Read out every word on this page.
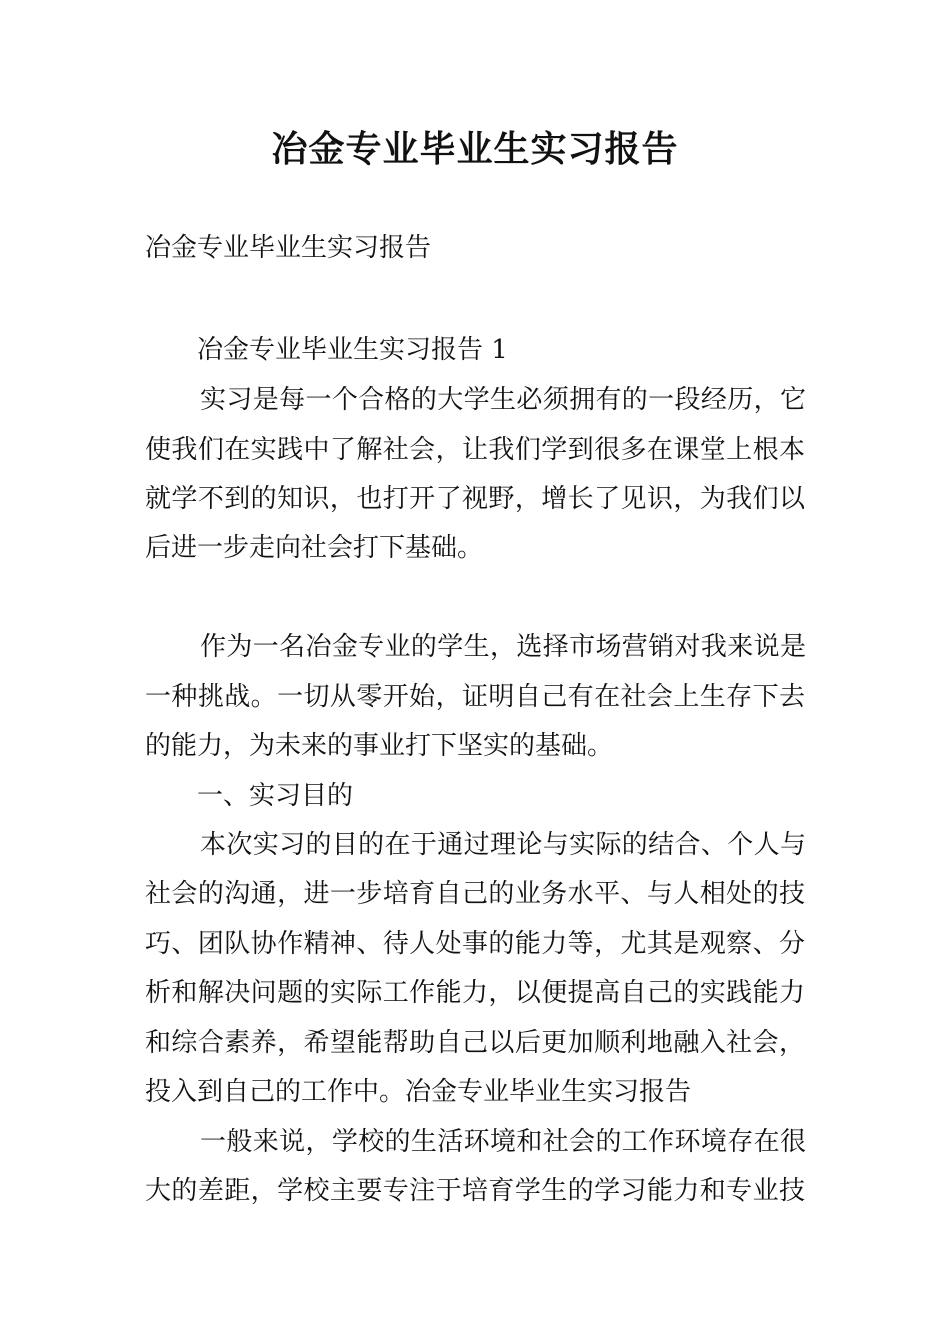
冶金专业毕业生实习报告
冶金专业毕业生实习报告
冶金专业毕业生实习报告 1
实习是每一个合格的大学生必须拥有的一段经历，它
使我们在实践中了解社会，让我们学到很多在课堂上根本
就学不到的知识，也打开了视野，增长了见识，为我们以
后进一步走向社会打下基础。
作为一名冶金专业的学生，选择市场营销对我来说是
一种挑战。一切从零开始，证明自己有在社会上生存下去
的能力，为未来的事业打下坚实的基础。
一、实习目的
本次实习的目的在于通过理论与实际的结合、个人与
社会的沟通，进一步培育自己的业务水平、与人相处的技
巧、团队协作精神、待人处事的能力等，尤其是观察、分
析和解决问题的实际工作能力，以便提高自己的实践能力
和综合素养，希望能帮助自己以后更加顺利地融入社会，
投入到自己的工作中。冶金专业毕业生实习报告
一般来说，学校的生活环境和社会的工作环境存在很
大的差距，学校主要专注于培育学生的学习能力和专业技
